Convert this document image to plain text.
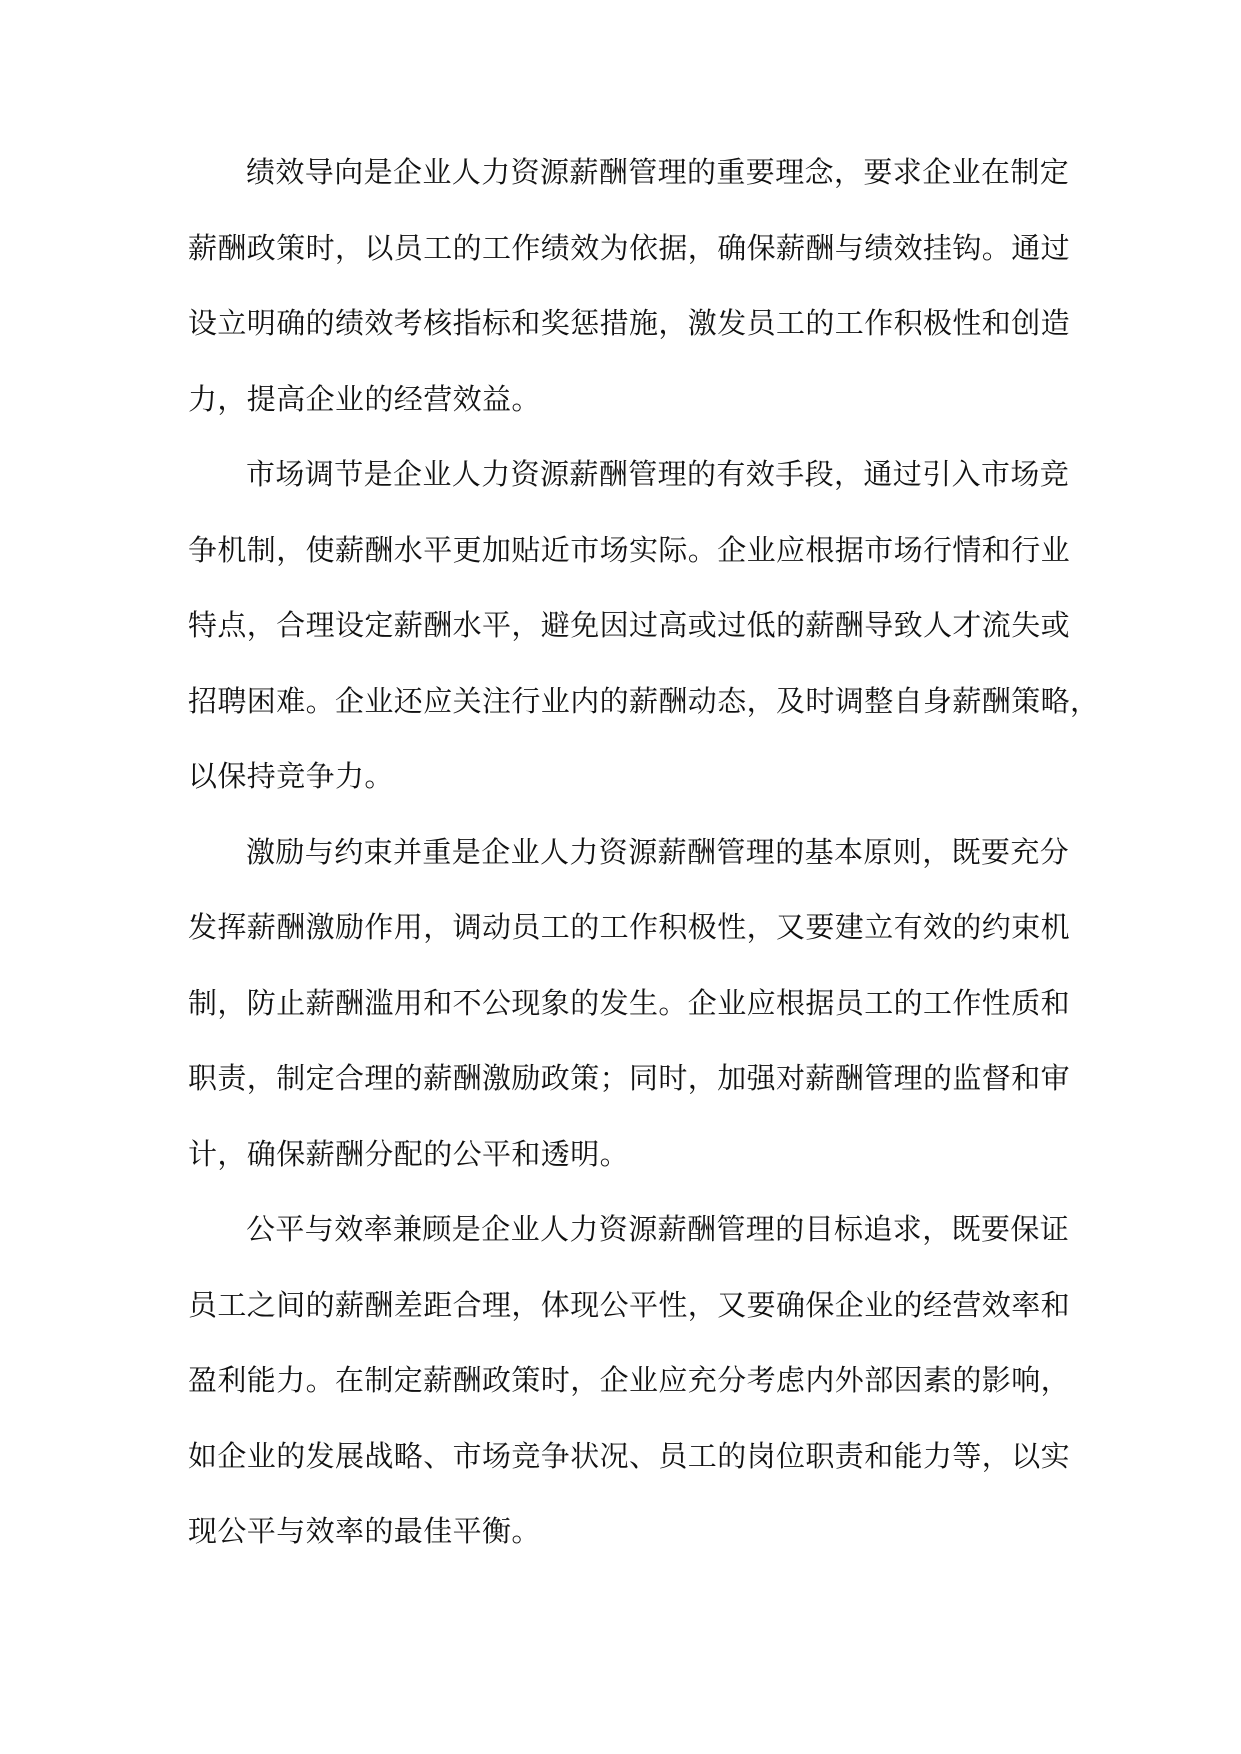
绩效导向是企业人力资源薪酬管理的重要理念，要求企业在制定
薪酬政策时，以员工的工作绩效为依据，确保薪酬与绩效挂钩。通过
设立明确的绩效考核指标和奖惩措施，激发员工的工作积极性和创造
力，提高企业的经营效益。
市场调节是企业人力资源薪酬管理的有效手段，通过引入市场竞
争机制，使薪酬水平更加贴近市场实际。企业应根据市场行情和行业
特点，合理设定薪酬水平，避免因过高或过低的薪酬导致人才流失或
招聘困难。企业还应关注行业内的薪酬动态，及时调整自身薪酬策略，
以保持竞争力。
激励与约束并重是企业人力资源薪酬管理的基本原则，既要充分
发挥薪酬激励作用，调动员工的工作积极性，又要建立有效的约束机
制，防止薪酬滥用和不公现象的发生。企业应根据员工的工作性质和
职责，制定合理的薪酬激励政策；同时，加强对薪酬管理的监督和审
计，确保薪酬分配的公平和透明。
公平与效率兼顾是企业人力资源薪酬管理的目标追求，既要保证
员工之间的薪酬差距合理，体现公平性，又要确保企业的经营效率和
盈利能力。在制定薪酬政策时，企业应充分考虑内外部因素的影响，
如企业的发展战略、市场竞争状况、员工的岗位职责和能力等，以实
现公平与效率的最佳平衡。
